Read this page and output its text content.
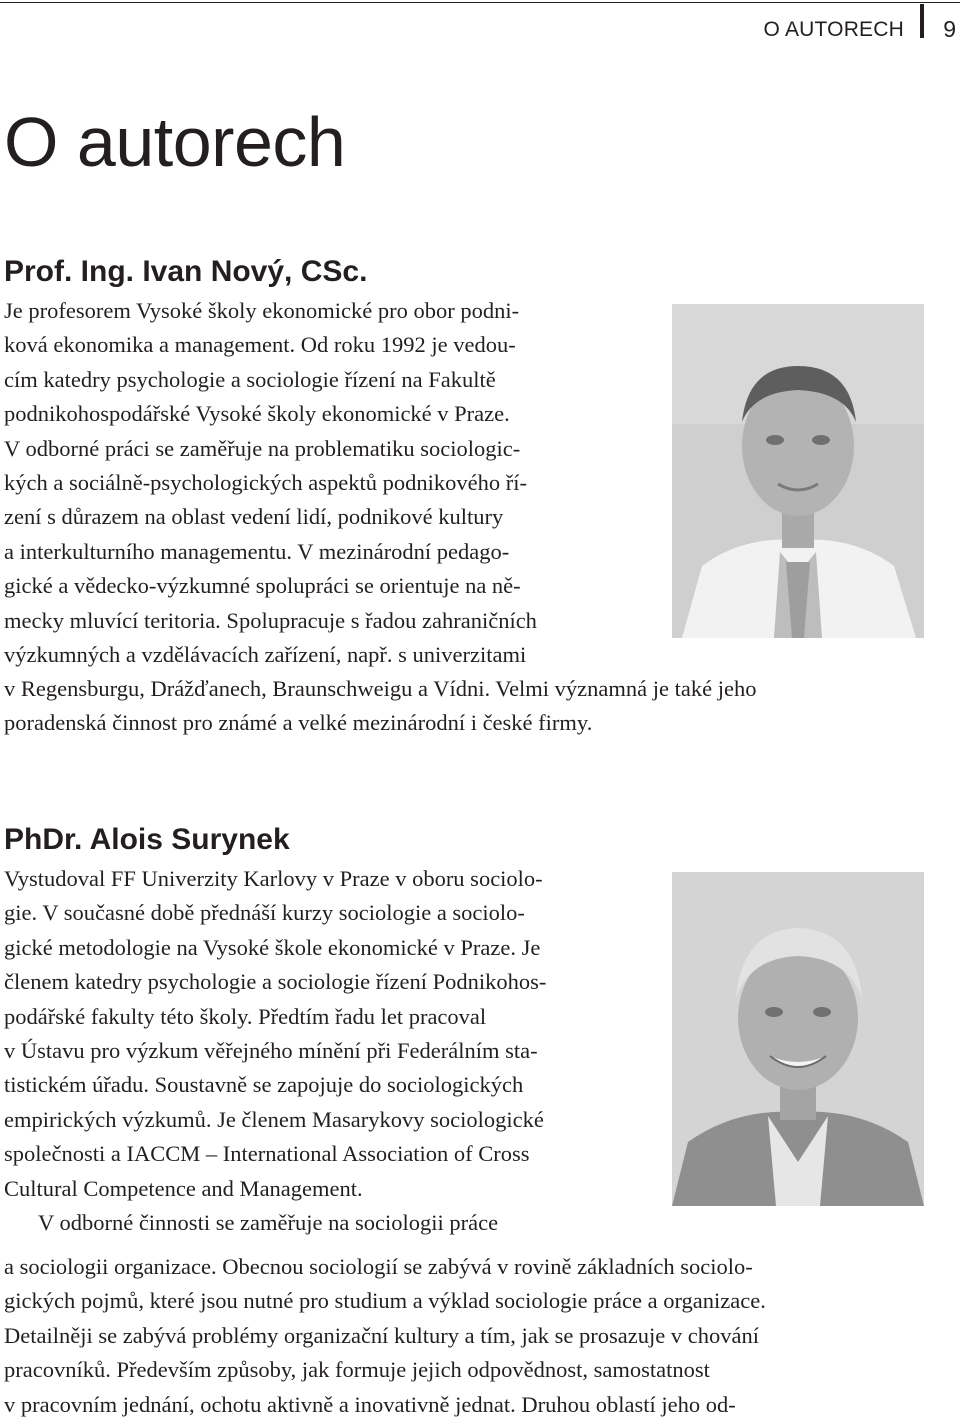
O AUTORECH 9
O autorech
Prof. Ing. Ivan Nový, CSc.
Je profesorem Vysoké školy ekonomické pro obor podni-
ková ekonomika a management. Od roku 1992 je vedou-
cím katedry psychologie a sociologie řízení na Fakultě
podnikohospodářské Vysoké školy ekonomické v Praze.
V odborné práci se zaměřuje na problematiku sociologic-
kých a sociálně-psychologických aspektů podnikového ří-
zení s důrazem na oblast vedení lidí, podnikové kultury
a interkulturního managementu. V mezinárodní pedago-
gické a vědecko-výzkumné spolupráci se orientuje na ně-
mecky mluvící teritoria. Spolupracuje s řadou zahraničních
výzkumných a vzdělávacích zařízení, např. s univerzitami
v Regensburgu, Drážďanech, Braunschweigu a Vídni. Velmi významná je také jeho
poradenská činnost pro známé a velké mezinárodní i české firmy.
PhDr. Alois Surynek
Vystudoval FF Univerzity Karlovy v Praze v oboru sociolo-
gie. V současné době přednáší kurzy sociologie a sociolo-
gické metodologie na Vysoké škole ekonomické v Praze. Je
členem katedry psychologie a sociologie řízení Podnikohos-
podářské fakulty této školy. Předtím řadu let pracoval
v Ústavu pro výzkum věřejného mínění při Federálním sta-
tistickém úřadu. Soustavně se zapojuje do sociologických
empirických výzkumů. Je členem Masarykovy sociologické
společnosti a IACCM – International Association of Cross
Cultural Competence and Management.
V odborné činnosti se zaměřuje na sociologii práce
a sociologii organizace. Obecnou sociologií se zabývá v rovině základních sociolo-
gických pojmů, které jsou nutné pro studium a výklad sociologie práce a organizace.
Detailněji se zabývá problémy organizační kultury a tím, jak se prosazuje v chování
pracovníků. Především způsoby, jak formuje jejich odpovědnost, samostatnost
v pracovním jednání, ochotu aktivně a inovativně jednat. Druhou oblastí jeho od-
